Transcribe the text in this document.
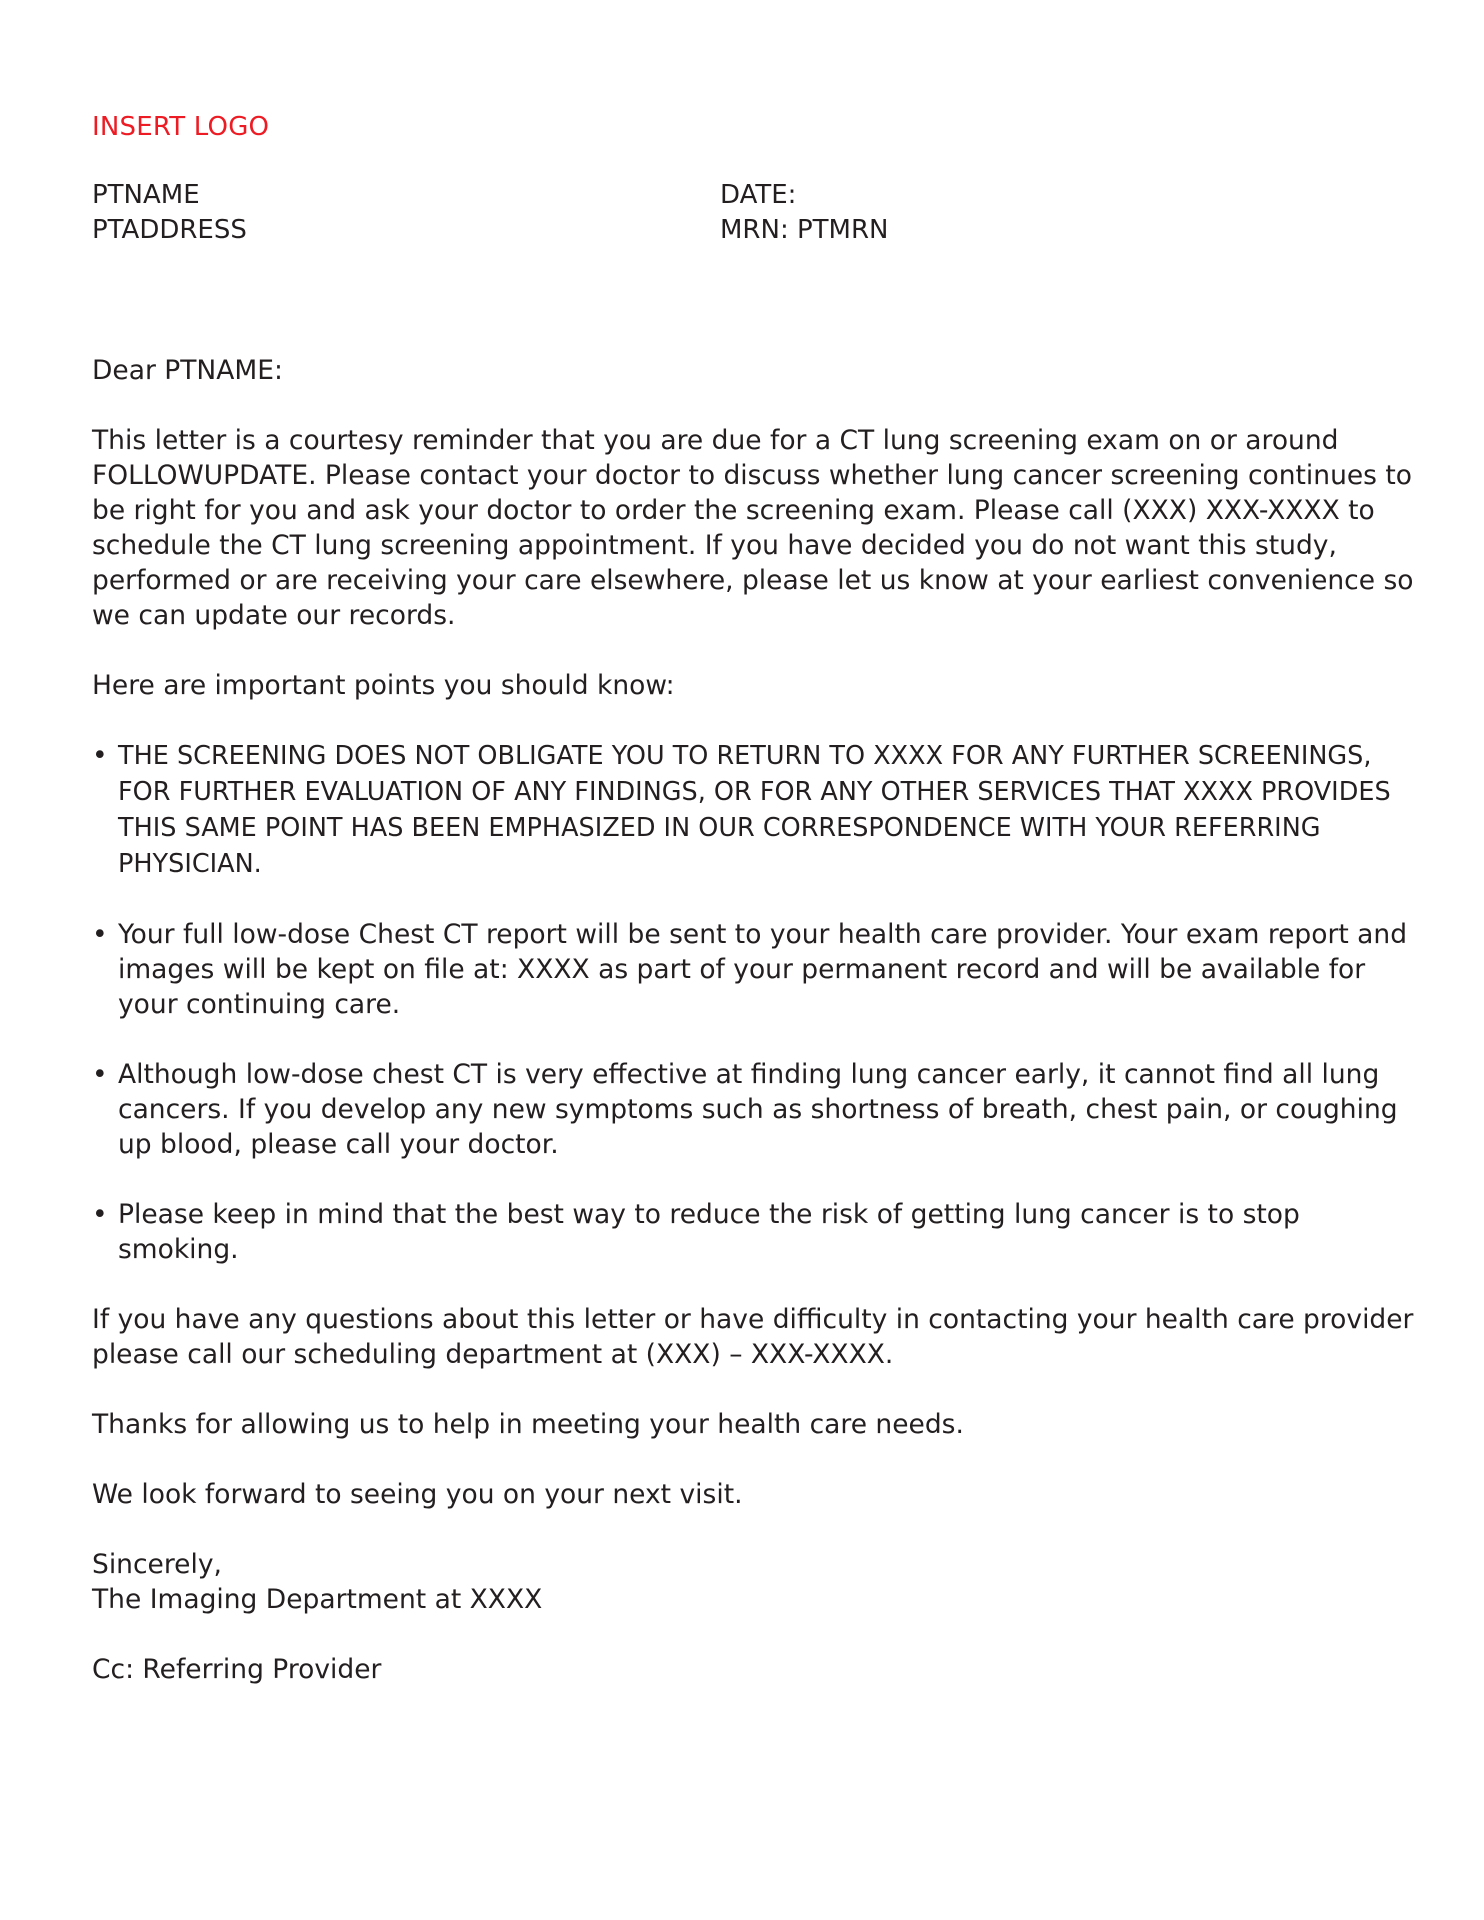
INSERT LOGO
PTNAME
PTADDRESS
DATE:
MRN: PTMRN

Dear PTNAME:

This letter is a courtesy reminder that you are due for a CT lung screening exam on or around FOLLOWUPDATE. Please contact your doctor to discuss whether lung cancer screening continues to be right for you and ask your doctor to order the screening exam. Please call (XXX) XXX-XXXX to schedule the CT lung screening appointment. If you have decided you do not want this study, performed or are receiving your care elsewhere, please let us know at your earliest convenience so we can update our records.

Here are important points you should know:

• THE SCREENING DOES NOT OBLIGATE YOU TO RETURN TO XXXX FOR ANY FURTHER SCREENINGS, FOR FURTHER EVALUATION OF ANY FINDINGS, OR FOR ANY OTHER SERVICES THAT XXXX PROVIDES THIS SAME POINT HAS BEEN EMPHASIZED IN OUR CORRESPONDENCE WITH YOUR REFERRING PHYSICIAN.
• Your full low-dose Chest CT report will be sent to your health care provider. Your exam report and images will be kept on file at: XXXX as part of your permanent record and will be available for your continuing care.
• Although low-dose chest CT is very effective at finding lung cancer early, it cannot find all lung cancers. If you develop any new symptoms such as shortness of breath, chest pain, or coughing up blood, please call your doctor.
• Please keep in mind that the best way to reduce the risk of getting lung cancer is to stop smoking.

If you have any questions about this letter or have difficulty in contacting your health care provider please call our scheduling department at (XXX) – XXX-XXXX.

Thanks for allowing us to help in meeting your health care needs.

We look forward to seeing you on your next visit.

Sincerely,

The Imaging Department at XXXX

Cc: Referring Provider
